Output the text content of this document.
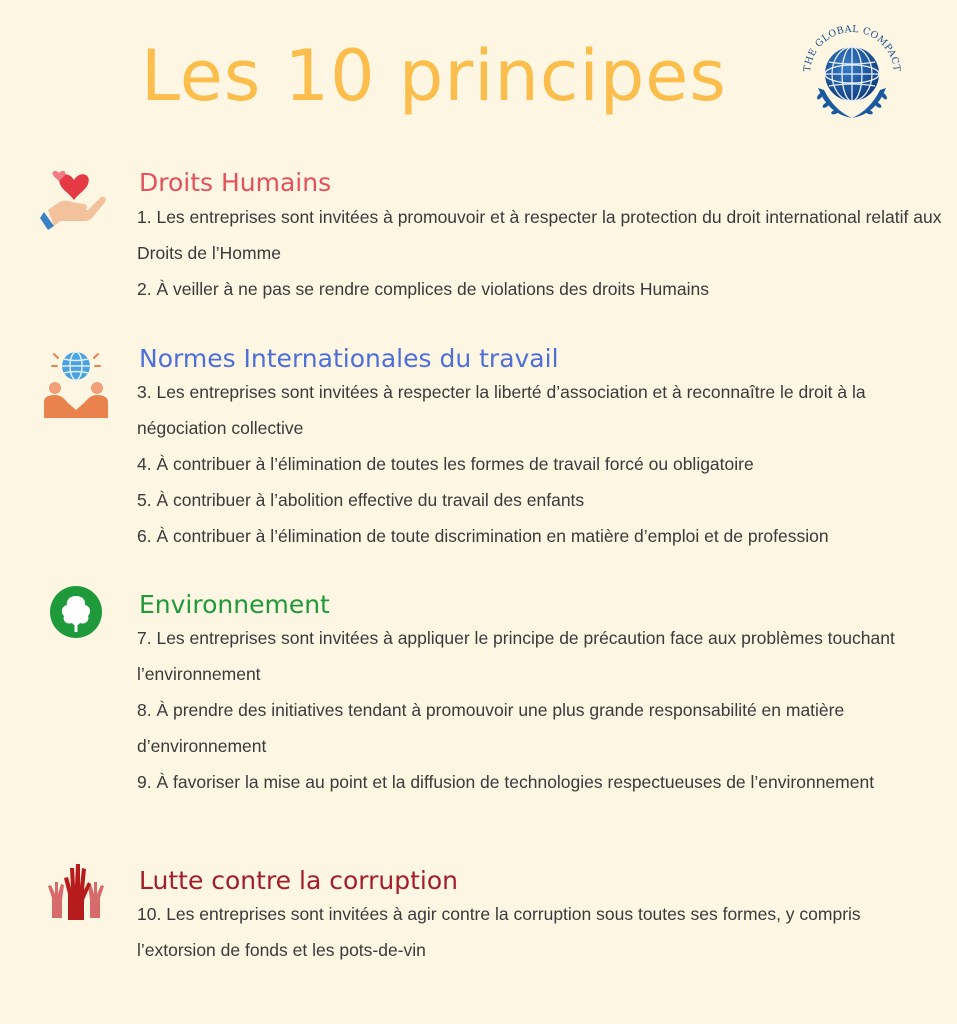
Les 10 principes	THE GLOBAL COMPACT
Droits Humains
1. Les entreprises sont invitées à promouvoir et à respecter la protection du droit international relatif aux Droits de l’Homme
2. À veiller à ne pas se rendre complices de violations des droits Humains
Normes Internationales du travail
3. Les entreprises sont invitées à respecter la liberté d’association et à reconnaître le droit à la négociation collective
4. À contribuer à l’élimination de toutes les formes de travail forcé ou obligatoire
5. À contribuer à l’abolition effective du travail des enfants
6. À contribuer à l’élimination de toute discrimination en matière d’emploi et de profession
Environnement
7. Les entreprises sont invitées à appliquer le principe de précaution face aux problèmes touchant l’environnement
8. À prendre des initiatives tendant à promouvoir une plus grande responsabilité en matière d’environnement
9. À favoriser la mise au point et la diffusion de technologies respectueuses de l’environnement
Lutte contre la corruption
10. Les entreprises sont invitées à agir contre la corruption sous toutes ses formes, y compris l’extorsion de fonds et les pots-de-vin
